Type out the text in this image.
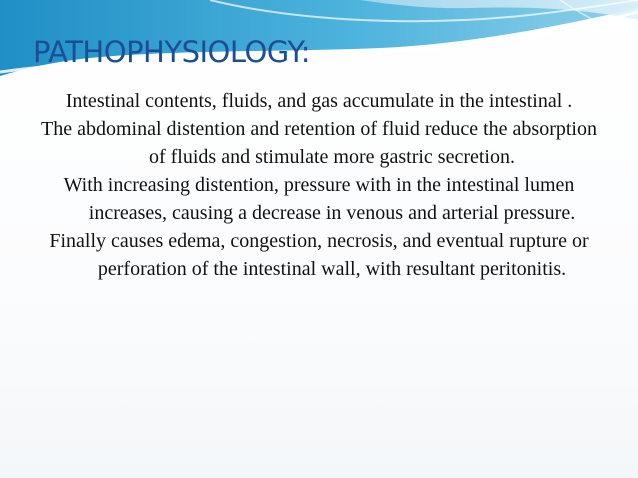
PATHOPHYSIOLOGY:

Intestinal contents, fluids, and gas accumulate in the intestinal .

The abdominal distention and retention of fluid reduce the absorption of fluids and stimulate more gastric secretion.

With increasing distention, pressure with in the intestinal lumen increases, causing a decrease in venous and arterial pressure.

Finally causes edema, congestion, necrosis, and eventual rupture or perforation of the intestinal wall, with resultant peritonitis.
